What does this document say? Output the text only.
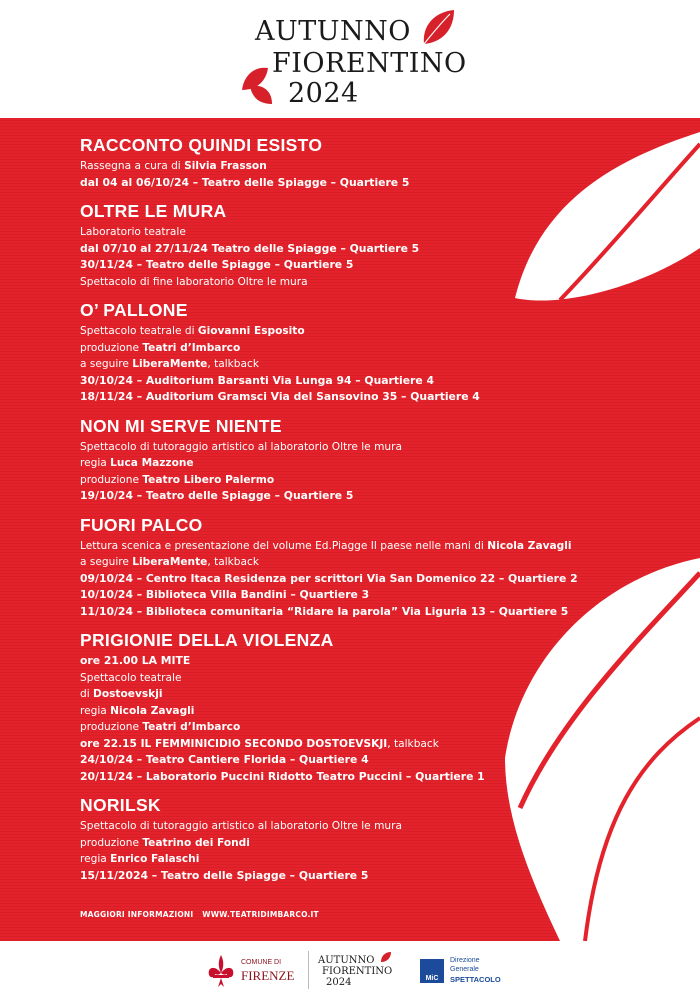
AUTUNNO
FIORENTINO
2024
RACCONTO QUINDI ESISTO
Rassegna a cura di Silvia Frasson
dal 04 al 06/10/24 – Teatro delle Spiagge – Quartiere 5
OLTRE LE MURA
Laboratorio teatrale
dal 07/10 al 27/11/24 Teatro delle Spiagge – Quartiere 5
30/11/24 – Teatro delle Spiagge – Quartiere 5
Spettacolo di fine laboratorio Oltre le mura
O’ PALLONE
Spettacolo teatrale di Giovanni Esposito
produzione Teatri d’Imbarco
a seguire LiberaMente, talkback
30/10/24 – Auditorium Barsanti Via Lunga 94 – Quartiere 4
18/11/24 – Auditorium Gramsci Via del Sansovino 35 – Quartiere 4
NON MI SERVE NIENTE
Spettacolo di tutoraggio artistico al laboratorio Oltre le mura
regia Luca Mazzone
produzione Teatro Libero Palermo
19/10/24 – Teatro delle Spiagge – Quartiere 5
FUORI PALCO
Lettura scenica e presentazione del volume Ed.Piagge Il paese nelle mani di Nicola Zavagli
a seguire LiberaMente, talkback
09/10/24 – Centro Itaca Residenza per scrittori Via San Domenico 22 – Quartiere 2
10/10/24 – Biblioteca Villa Bandini – Quartiere 3
11/10/24 – Biblioteca comunitaria “Ridare la parola” Via Liguria 13 – Quartiere 5
PRIGIONIE DELLA VIOLENZA
ore 21.00 LA MITE
Spettacolo teatrale
di Dostoevskji
regia Nicola Zavagli
produzione Teatri d’Imbarco
ore 22.15 IL FEMMINICIDIO SECONDO DOSTOEVSKJI, talkback
24/10/24 – Teatro Cantiere Florida – Quartiere 4
20/11/24 – Laboratorio Puccini Ridotto Teatro Puccini – Quartiere 1
NORILSK
Spettacolo di tutoraggio artistico al laboratorio Oltre le mura
produzione Teatrino dei Fondi
regia Enrico Falaschi
15/11/2024 – Teatro delle Spiagge – Quartiere 5
MAGGIORI INFORMAZIONI WWW.TEATRIDIMBARCO.IT
COMUNE DI
FIRENZE
AUTUNNO
FIORENTINO
2024	MiC
Direzione
Generale
SPETTACOLO
